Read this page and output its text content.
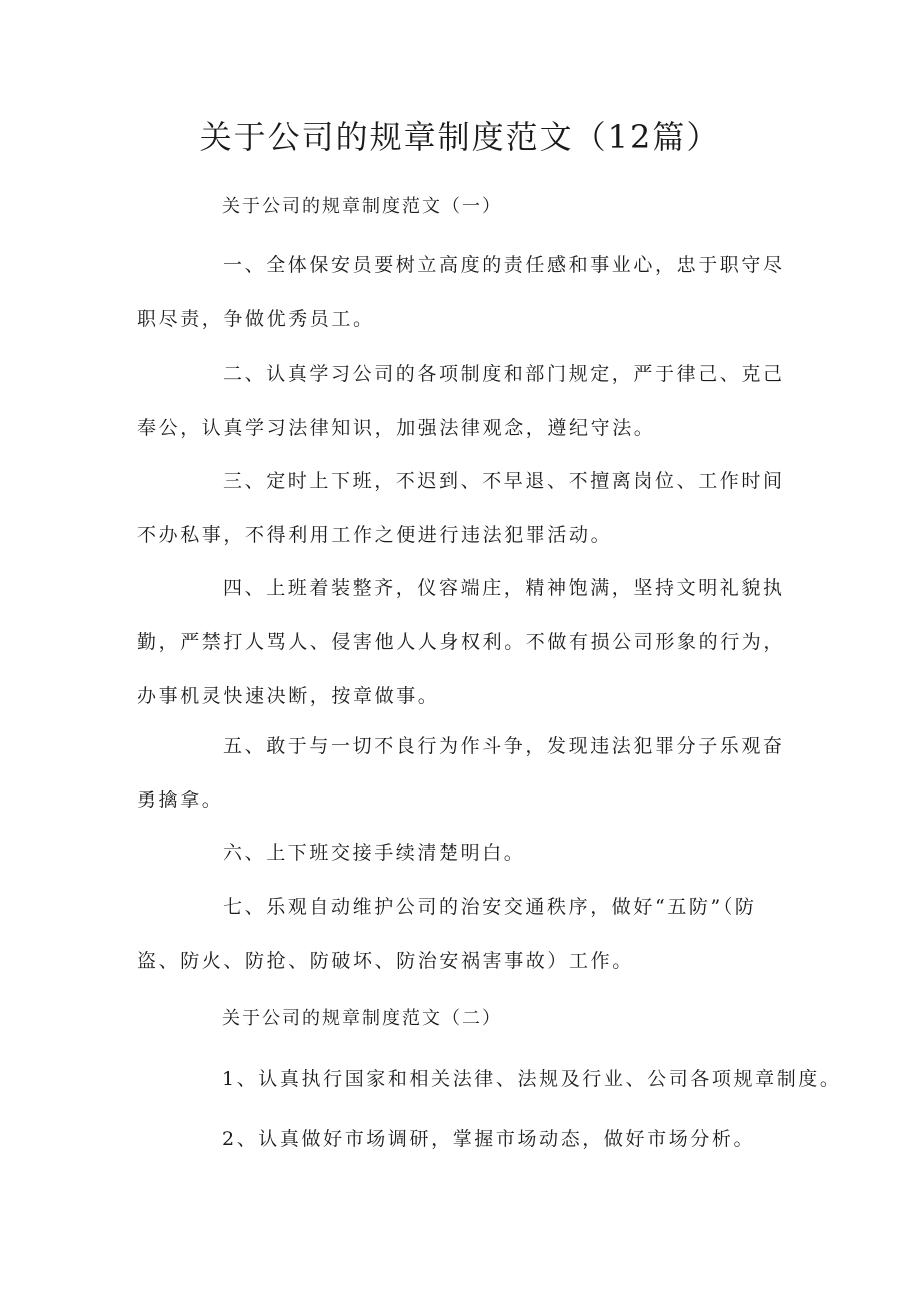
关于公司的规章制度范文（12篇）
关于公司的规章制度范文（一）

一、全体保安员要树立高度的责任感和事业心，忠于职守尽职尽责，争做优秀员工。

二、认真学习公司的各项制度和部门规定，严于律己、克己奉公，认真学习法律知识，加强法律观念，遵纪守法。

三、定时上下班，不迟到、不早退、不擅离岗位、工作时间不办私事，不得利用工作之便进行违法犯罪活动。

四、上班着装整齐，仪容端庄，精神饱满，坚持文明礼貌执勤，严禁打人骂人、侵害他人人身权利。不做有损公司形象的行为，办事机灵快速决断，按章做事。

五、敢于与一切不良行为作斗争，发现违法犯罪分子乐观奋勇擒拿。

六、上下班交接手续清楚明白。

七、乐观自动维护公司的治安交通秩序，做好“五防”（防盗、防火、防抢、防破坏、防治安祸害事故）工作。

关于公司的规章制度范文（二）

1、认真执行国家和相关法律、法规及行业、公司各项规章制度。

2、认真做好市场调研，掌握市场动态，做好市场分析。
